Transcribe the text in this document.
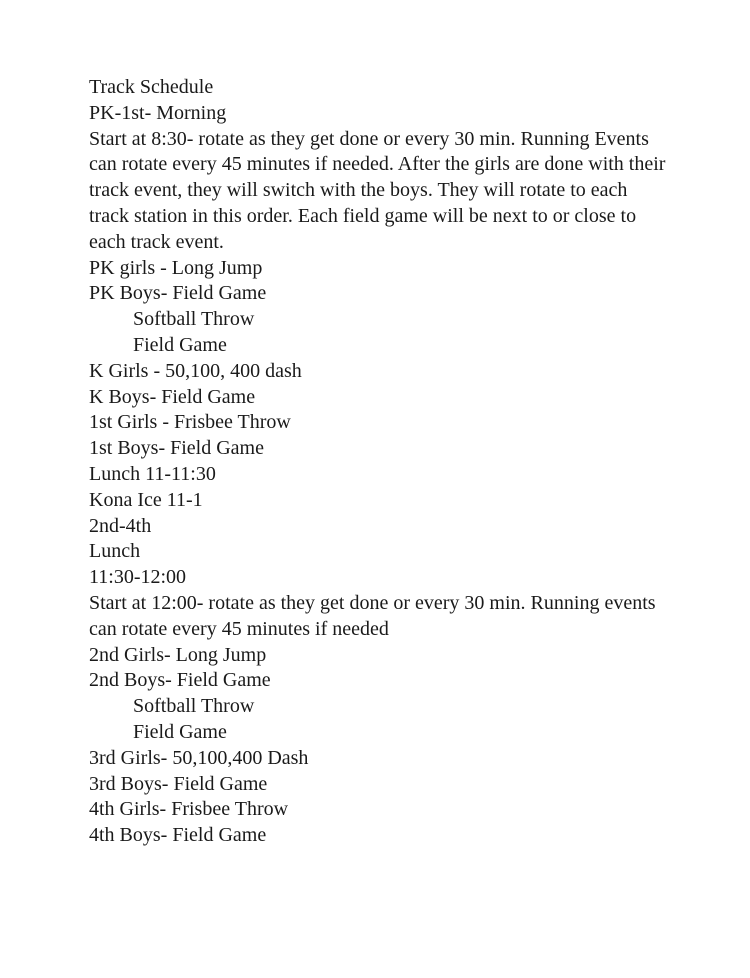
Track Schedule
PK-1st- Morning
Start at 8:30- rotate as they get done or every 30 min. Running Events can rotate every 45 minutes if needed. After the girls are done with their track event, they will switch with the boys. They will rotate to each track station in this order. Each field game will be next to or close to each track event.
PK girls - Long Jump
PK Boys- Field Game
Softball Throw
Field Game
K Girls - 50,100, 400 dash
K Boys- Field Game
1st Girls - Frisbee Throw
1st Boys- Field Game
Lunch 11-11:30
Kona Ice 11-1
2nd-4th
Lunch
11:30-12:00
Start at 12:00- rotate as they get done or every 30 min. Running events can rotate every 45 minutes if needed
2nd Girls- Long Jump
2nd Boys- Field Game
Softball Throw
Field Game
3rd Girls- 50,100,400 Dash
3rd Boys- Field Game
4th Girls- Frisbee Throw
4th Boys- Field Game
